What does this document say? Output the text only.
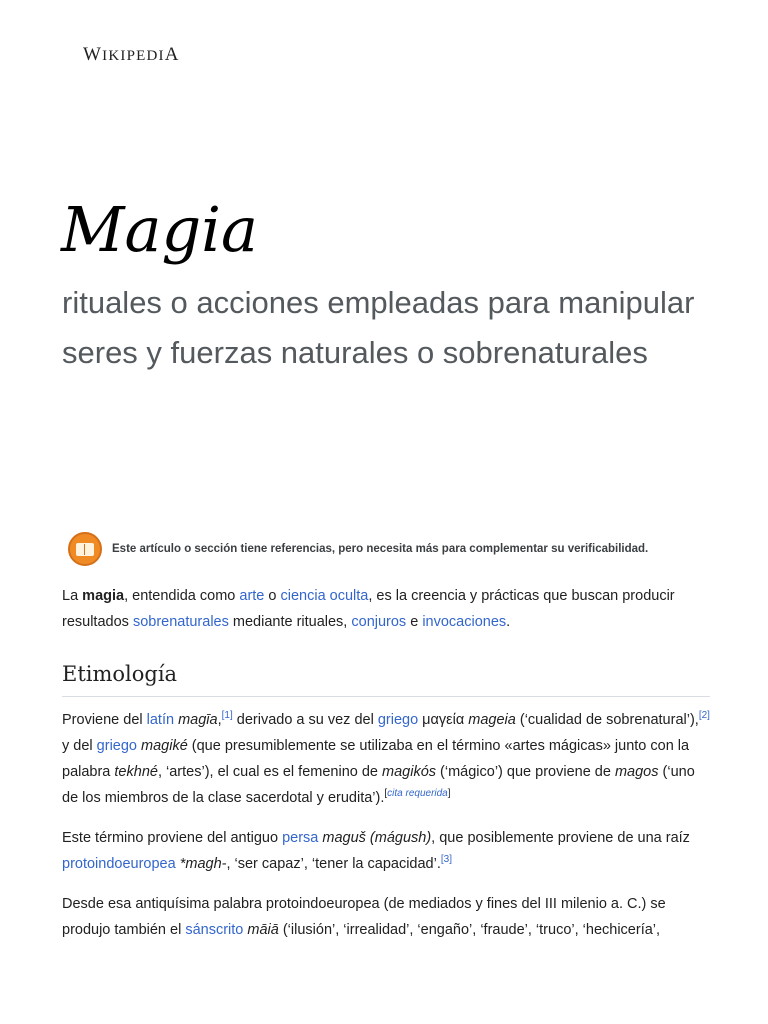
WIKIPEDIA
Magia
rituales o acciones empleadas para manipular seres y fuerzas naturales o sobrenaturales
Este artículo o sección tiene referencias, pero necesita más para complementar su verificabilidad.

La magia, entendida como arte o ciencia oculta, es la creencia y prácticas que buscan producir resultados sobrenaturales mediante rituales, conjuros e invocaciones.

Etimología

Proviene del latín magīa,[1] derivado a su vez del griego μαγεία mageia (‘cualidad de sobrenatural’),[2] y del griego magiké (que presumiblemente se utilizaba en el término «artes mágicas» junto con la palabra tekhné, ‘artes’), el cual es el femenino de magikós (‘mágico’) que proviene de magos (‘uno de los miembros de la clase sacerdotal y erudita’).[cita requerida]

Este término proviene del antiguo persa maguš (mágush), que posiblemente proviene de una raíz protoindoeuropea *magh-, ‘ser capaz’, ‘tener la capacidad’.[3]

Desde esa antiquísima palabra protoindoeuropea (de mediados y fines del III milenio a. C.) se produjo también el sánscrito māiā (‘ilusión’, ‘irrealidad’, ‘engaño’, ‘fraude’, ‘truco’, ‘hechicería’,
